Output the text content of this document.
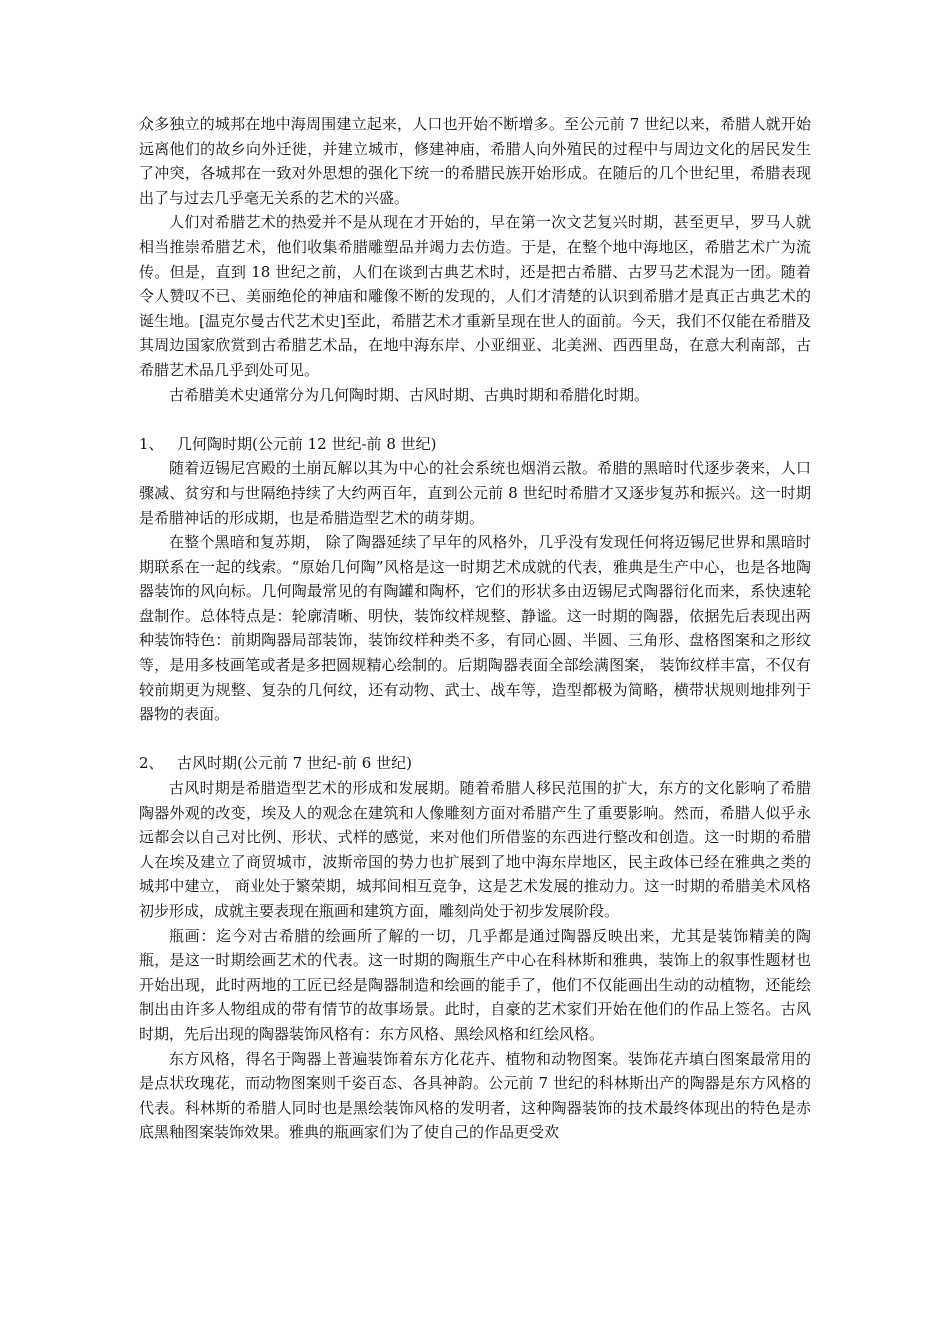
众多独立的城邦在地中海周围建立起来，人口也开始不断增多。至公元前 7 世纪以来，希腊人就开始远离他们的故乡向外迁徙，并建立城市，修建神庙，希腊人向外殖民的过程中与周边文化的居民发生了冲突，各城邦在一致对外思想的强化下统一的希腊民族开始形成。在随后的几个世纪里，希腊表现出了与过去几乎毫无关系的艺术的兴盛。

人们对希腊艺术的热爱并不是从现在才开始的，早在第一次文艺复兴时期，甚至更早，罗马人就相当推崇希腊艺术，他们收集希腊雕塑品并竭力去仿造。于是，在整个地中海地区，希腊艺术广为流传。但是，直到 18 世纪之前，人们在谈到古典艺术时，还是把古希腊、古罗马艺术混为一团。随着令人赞叹不已、美丽绝伦的神庙和雕像不断的发现的，人们才清楚的认识到希腊才是真正古典艺术的诞生地。[温克尔曼古代艺术史]至此，希腊艺术才重新呈现在世人的面前。今天，我们不仅能在希腊及其周边国家欣赏到古希腊艺术品，在地中海东岸、小亚细亚、北美洲、西西里岛，在意大利南部，古希腊艺术品几乎到处可见。

古希腊美术史通常分为几何陶时期、古风时期、古典时期和希腊化时期。

1、 几何陶时期(公元前 12 世纪-前 8 世纪)

随着迈锡尼宫殿的土崩瓦解以其为中心的社会系统也烟消云散。希腊的黑暗时代逐步袭来，人口骤减、贫穷和与世隔绝持续了大约两百年，直到公元前 8 世纪时希腊才又逐步复苏和振兴。这一时期是希腊神话的形成期，也是希腊造型艺术的萌芽期。

在整个黑暗和复苏期， 除了陶器延续了早年的风格外，几乎没有发现任何将迈锡尼世界和黑暗时期联系在一起的线索。“原始几何陶”风格是这一时期艺术成就的代表，雅典是生产中心，也是各地陶器装饰的风向标。几何陶最常见的有陶罐和陶杯，它们的形状多由迈锡尼式陶器衍化而来，系快速轮盘制作。总体特点是：轮廓清晰、明快，装饰纹样规整、静谧。这一时期的陶器，依据先后表现出两种装饰特色：前期陶器局部装饰，装饰纹样种类不多，有同心圆、半圆、三角形、盘格图案和之形纹等，是用多枝画笔或者是多把圆规精心绘制的。后期陶器表面全部绘满图案， 装饰纹样丰富，不仅有较前期更为规整、复杂的几何纹，还有动物、武士、战车等，造型都极为简略，横带状规则地排列于器物的表面。

2、 古风时期(公元前 7 世纪-前 6 世纪)

古风时期是希腊造型艺术的形成和发展期。随着希腊人移民范围的扩大，东方的文化影响了希腊陶器外观的改变，埃及人的观念在建筑和人像雕刻方面对希腊产生了重要影响。然而，希腊人似乎永远都会以自己对比例、形状、式样的感觉，来对他们所借鉴的东西进行整改和创造。这一时期的希腊人在埃及建立了商贸城市，波斯帝国的势力也扩展到了地中海东岸地区，民主政体已经在雅典之类的城邦中建立， 商业处于繁荣期，城邦间相互竞争，这是艺术发展的推动力。这一时期的希腊美术风格初步形成，成就主要表现在瓶画和建筑方面，雕刻尚处于初步发展阶段。

瓶画：迄今对古希腊的绘画所了解的一切，几乎都是通过陶器反映出来，尤其是装饰精美的陶瓶，是这一时期绘画艺术的代表。这一时期的陶瓶生产中心在科林斯和雅典，装饰上的叙事性题材也开始出现，此时两地的工匠已经是陶器制造和绘画的能手了，他们不仅能画出生动的动植物，还能绘制出由许多人物组成的带有情节的故事场景。此时，自豪的艺术家们开始在他们的作品上签名。古风时期，先后出现的陶器装饰风格有：东方风格、黑绘风格和红绘风格。

东方风格，得名于陶器上普遍装饰着东方化花卉、植物和动物图案。装饰花卉填白图案最常用的是点状玫瑰花，而动物图案则千姿百态、各具神韵。公元前 7 世纪的科林斯出产的陶器是东方风格的代表。科林斯的希腊人同时也是黑绘装饰风格的发明者，这种陶器装饰的技术最终体现出的特色是赤底黑釉图案装饰效果。雅典的瓶画家们为了使自己的作品更受欢
